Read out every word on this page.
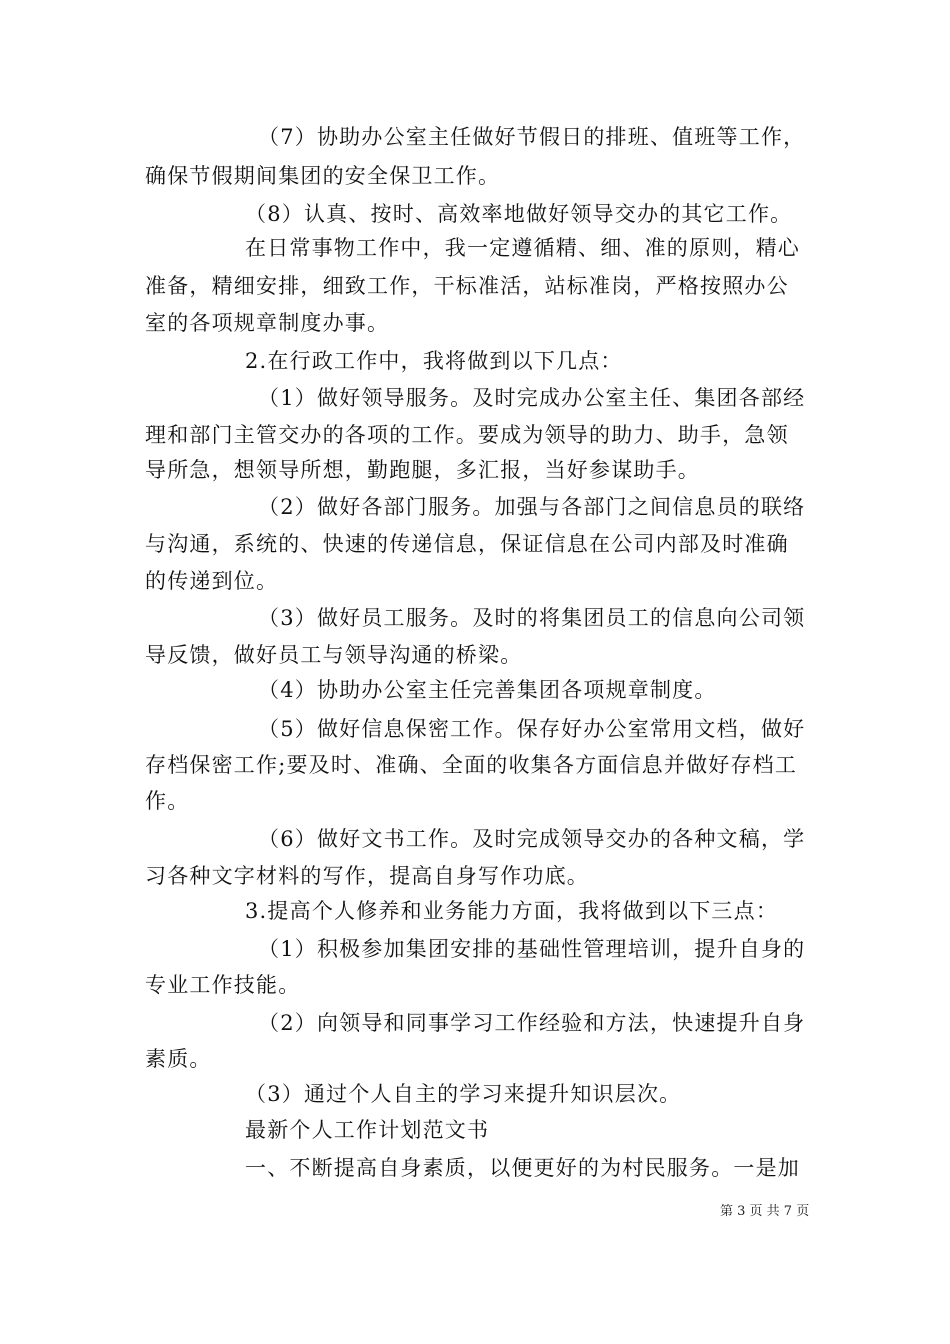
（7）协助办公室主任做好节假日的排班、值班等工作，
确保节假期间集团的安全保卫工作。
（8）认真、按时、高效率地做好领导交办的其它工作。
在日常事物工作中，我一定遵循精、细、准的原则，精心
准备，精细安排，细致工作，干标准活，站标准岗，严格按照办公
室的各项规章制度办事。
2.在行政工作中，我将做到以下几点：
（1）做好领导服务。及时完成办公室主任、集团各部经
理和部门主管交办的各项的工作。要成为领导的助力、助手，急领
导所急，想领导所想，勤跑腿，多汇报，当好参谋助手。
（2）做好各部门服务。加强与各部门之间信息员的联络
与沟通，系统的、快速的传递信息，保证信息在公司内部及时准确
的传递到位。
（3）做好员工服务。及时的将集团员工的信息向公司领
导反馈，做好员工与领导沟通的桥梁。
（4）协助办公室主任完善集团各项规章制度。
（5）做好信息保密工作。保存好办公室常用文档，做好
存档保密工作;要及时、准确、全面的收集各方面信息并做好存档工
作。
（6）做好文书工作。及时完成领导交办的各种文稿，学
习各种文字材料的写作，提高自身写作功底。
3.提高个人修养和业务能力方面，我将做到以下三点：
（1）积极参加集团安排的基础性管理培训，提升自身的
专业工作技能。
（2）向领导和同事学习工作经验和方法，快速提升自身
素质。
（3）通过个人自主的学习来提升知识层次。
最新个人工作计划范文书
一、不断提高自身素质，以便更好的为村民服务。一是加
第 3 页 共 7 页
